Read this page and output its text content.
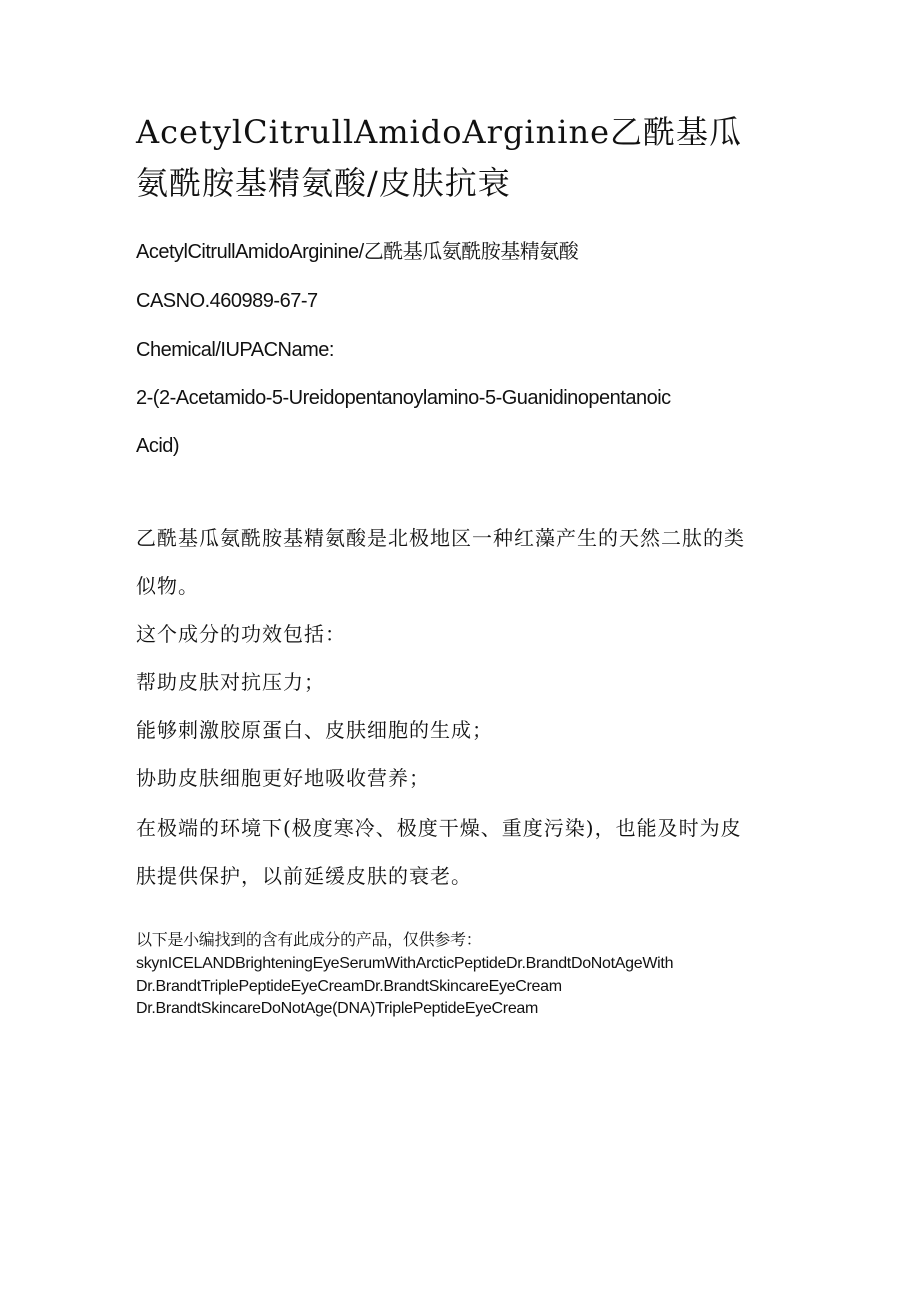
AcetylCitrullAmidoArginine乙酰基瓜
氨酰胺基精氨酸/皮肤抗衰
AcetylCitrullAmidoArginine/乙酰基瓜氨酰胺基精氨酸
CASNO.460989-67-7
Chemical/IUPACName:
2-(2-Acetamido-5-Ureidopentanoylamino-5-Guanidinopentanoic
Acid)
乙酰基瓜氨酰胺基精氨酸是北极地区一种红藻产生的天然二肽的类
似物。
这个成分的功效包括：
帮助皮肤对抗压力；
能够刺激胶原蛋白、皮肤细胞的生成；
协助皮肤细胞更好地吸收营养；
在极端的环境下(极度寒冷、极度干燥、重度污染)，也能及时为皮
肤提供保护，以前延缓皮肤的衰老。
以下是小编找到的含有此成分的产品，仅供参考：
skynICELANDBrighteningEyeSerumWithArcticPeptideDr.BrandtDoNotAgeWith
Dr.BrandtTriplePeptideEyeCreamDr.BrandtSkincareEyeCream
Dr.BrandtSkincareDoNotAge(DNA)TriplePeptideEyeCream
